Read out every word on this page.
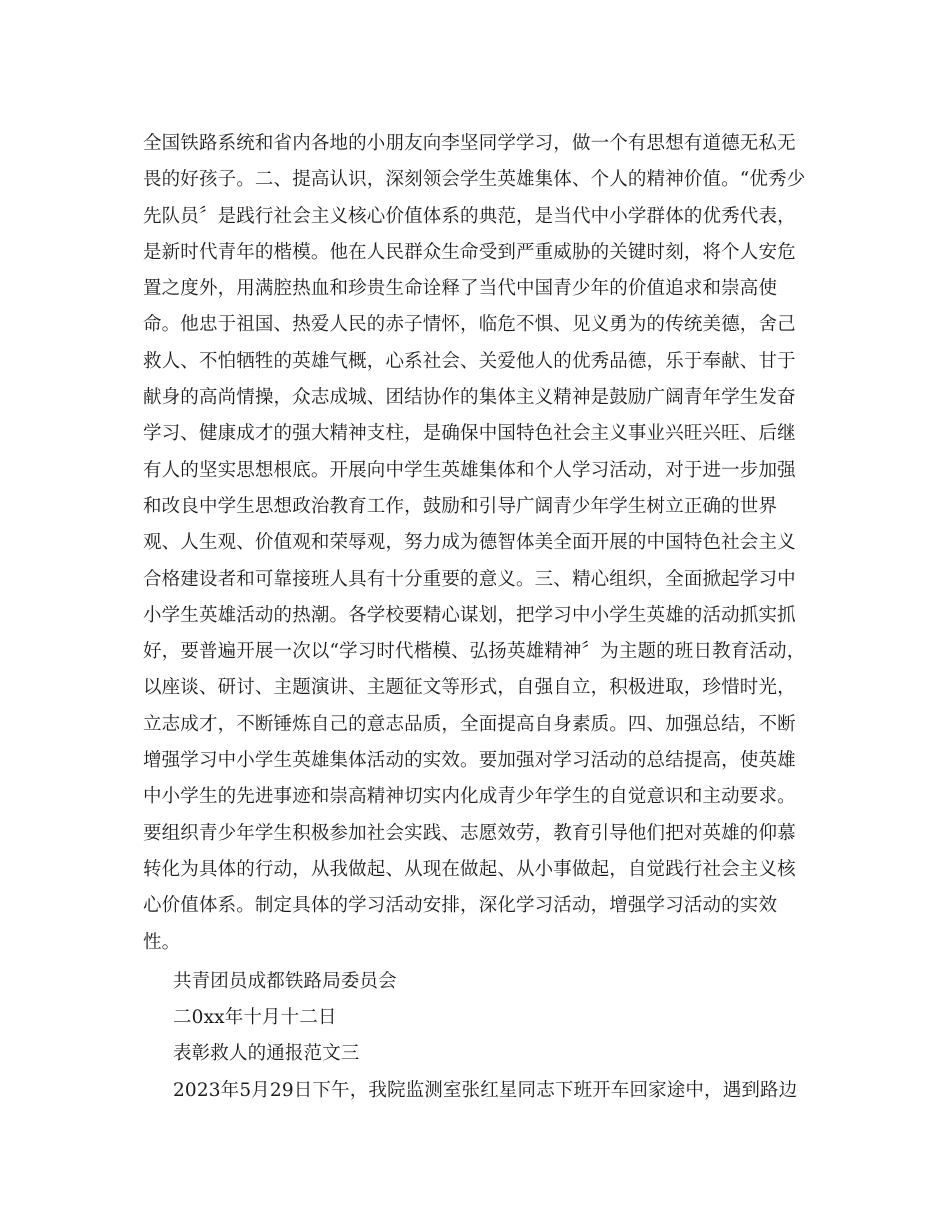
全国铁路系统和省内各地的小朋友向李坚同学学习，做一个有思想有道德无私无
畏的好孩子。二、提高认识，深刻领会学生英雄集体、个人的精神价值。“优秀少
先队员〞是践行社会主义核心价值体系的典范，是当代中小学群体的优秀代表，
是新时代青年的楷模。他在人民群众生命受到严重威胁的关键时刻，将个人安危
置之度外，用满腔热血和珍贵生命诠释了当代中国青少年的价值追求和崇高使
命。他忠于祖国、热爱人民的赤子情怀，临危不惧、见义勇为的传统美德，舍己
救人、不怕牺牲的英雄气概，心系社会、关爱他人的优秀品德，乐于奉献、甘于
献身的高尚情操，众志成城、团结协作的集体主义精神是鼓励广阔青年学生发奋
学习、健康成才的强大精神支柱，是确保中国特色社会主义事业兴旺兴旺、后继
有人的坚实思想根底。开展向中学生英雄集体和个人学习活动，对于进一步加强
和改良中学生思想政治教育工作，鼓励和引导广阔青少年学生树立正确的世界
观、人生观、价值观和荣辱观，努力成为德智体美全面开展的中国特色社会主义
合格建设者和可靠接班人具有十分重要的意义。三、精心组织，全面掀起学习中
小学生英雄活动的热潮。各学校要精心谋划，把学习中小学生英雄的活动抓实抓
好，要普遍开展一次以“学习时代楷模、弘扬英雄精神〞为主题的班日教育活动，
以座谈、研讨、主题演讲、主题征文等形式，自强自立，积极进取，珍惜时光，
立志成才，不断锤炼自己的意志品质，全面提高自身素质。四、加强总结，不断
增强学习中小学生英雄集体活动的实效。要加强对学习活动的总结提高，使英雄
中小学生的先进事迹和崇高精神切实内化成青少年学生的自觉意识和主动要求。
要组织青少年学生积极参加社会实践、志愿效劳，教育引导他们把对英雄的仰慕
转化为具体的行动，从我做起、从现在做起、从小事做起，自觉践行社会主义核
心价值体系。制定具体的学习活动安排，深化学习活动，增强学习活动的实效
性。
共青团员成都铁路局委员会
二0xx年十月十二日
表彰救人的通报范文三
2023年5月29日下午，我院监测室张红星同志下班开车回家途中，遇到路边
